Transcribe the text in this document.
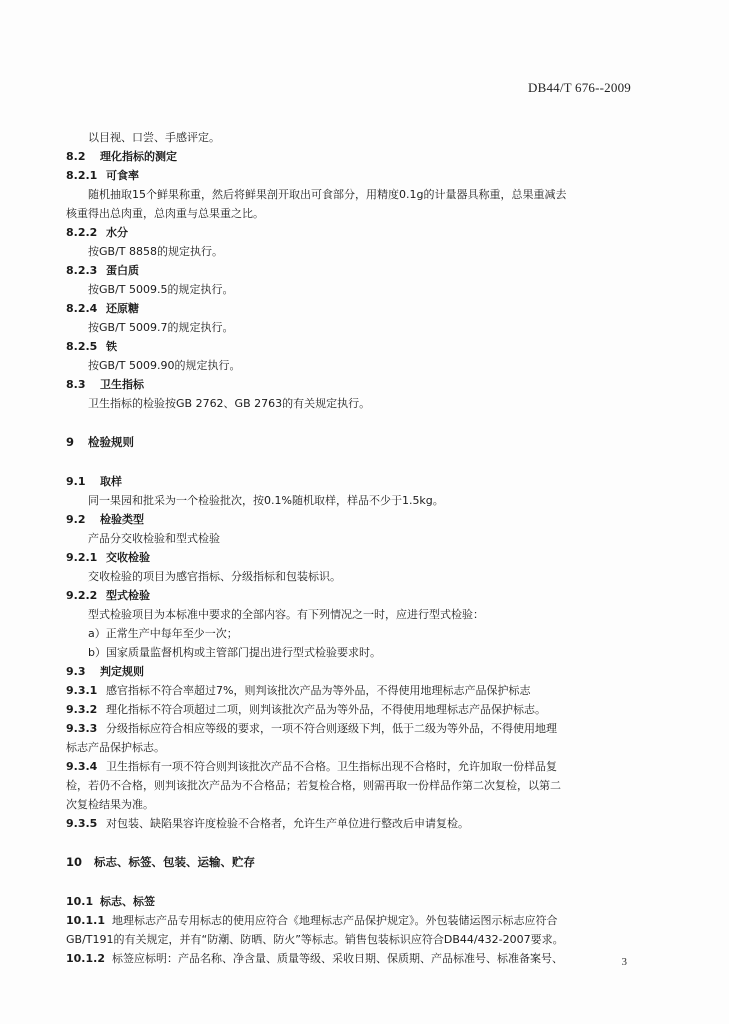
DB44/T 676--2009
以目视、口尝、手感评定。
8.2 理化指标的测定
8.2.1 可食率
随机抽取15个鲜果称重，然后将鲜果剖开取出可食部分，用精度0.1g的计量器具称重，总果重减去
核重得出总肉重，总肉重与总果重之比。
8.2.2 水分
按GB/T 8858的规定执行。
8.2.3 蛋白质
按GB/T 5009.5的规定执行。
8.2.4 还原糖
按GB/T 5009.7的规定执行。
8.2.5 铁
按GB/T 5009.90的规定执行。
8.3 卫生指标
卫生指标的检验按GB 2762、GB 2763的有关规定执行。
9 检验规则
9.1 取样
同一果园和批采为一个检验批次，按0.1%随机取样，样品不少于1.5kg。
9.2 检验类型
产品分交收检验和型式检验
9.2.1 交收检验
交收检验的项目为感官指标、分级指标和包装标识。
9.2.2 型式检验
型式检验项目为本标准中要求的全部内容。有下列情况之一时，应进行型式检验：
a）正常生产中每年至少一次；
b）国家质量监督机构或主管部门提出进行型式检验要求时。
9.3 判定规则
9.3.1 感官指标不符合率超过7%，则判该批次产品为等外品，不得使用地理标志产品保护标志
9.3.2 理化指标不符合项超过二项，则判该批次产品为等外品，不得使用地理标志产品保护标志。
9.3.3 分级指标应符合相应等级的要求，一项不符合则逐级下判，低于二级为等外品，不得使用地理
标志产品保护标志。
9.3.4 卫生指标有一项不符合则判该批次产品不合格。卫生指标出现不合格时，允许加取一份样品复
检，若仍不合格，则判该批次产品为不合格品；若复检合格，则需再取一份样品作第二次复检，以第二
次复检结果为准。
9.3.5 对包装、缺陷果容许度检验不合格者，允许生产单位进行整改后申请复检。
10 标志、标签、包装、运输、贮存
10.1 标志、标签
10.1.1 地理标志产品专用标志的使用应符合《地理标志产品保护规定》。外包装储运图示标志应符合
GB/T191的有关规定，并有“防潮、防晒、防火”等标志。销售包装标识应符合DB44/432-2007要求。
10.1.2 标签应标明：产品名称、净含量、质量等级、采收日期、保质期、产品标准号、标准备案号、	3
